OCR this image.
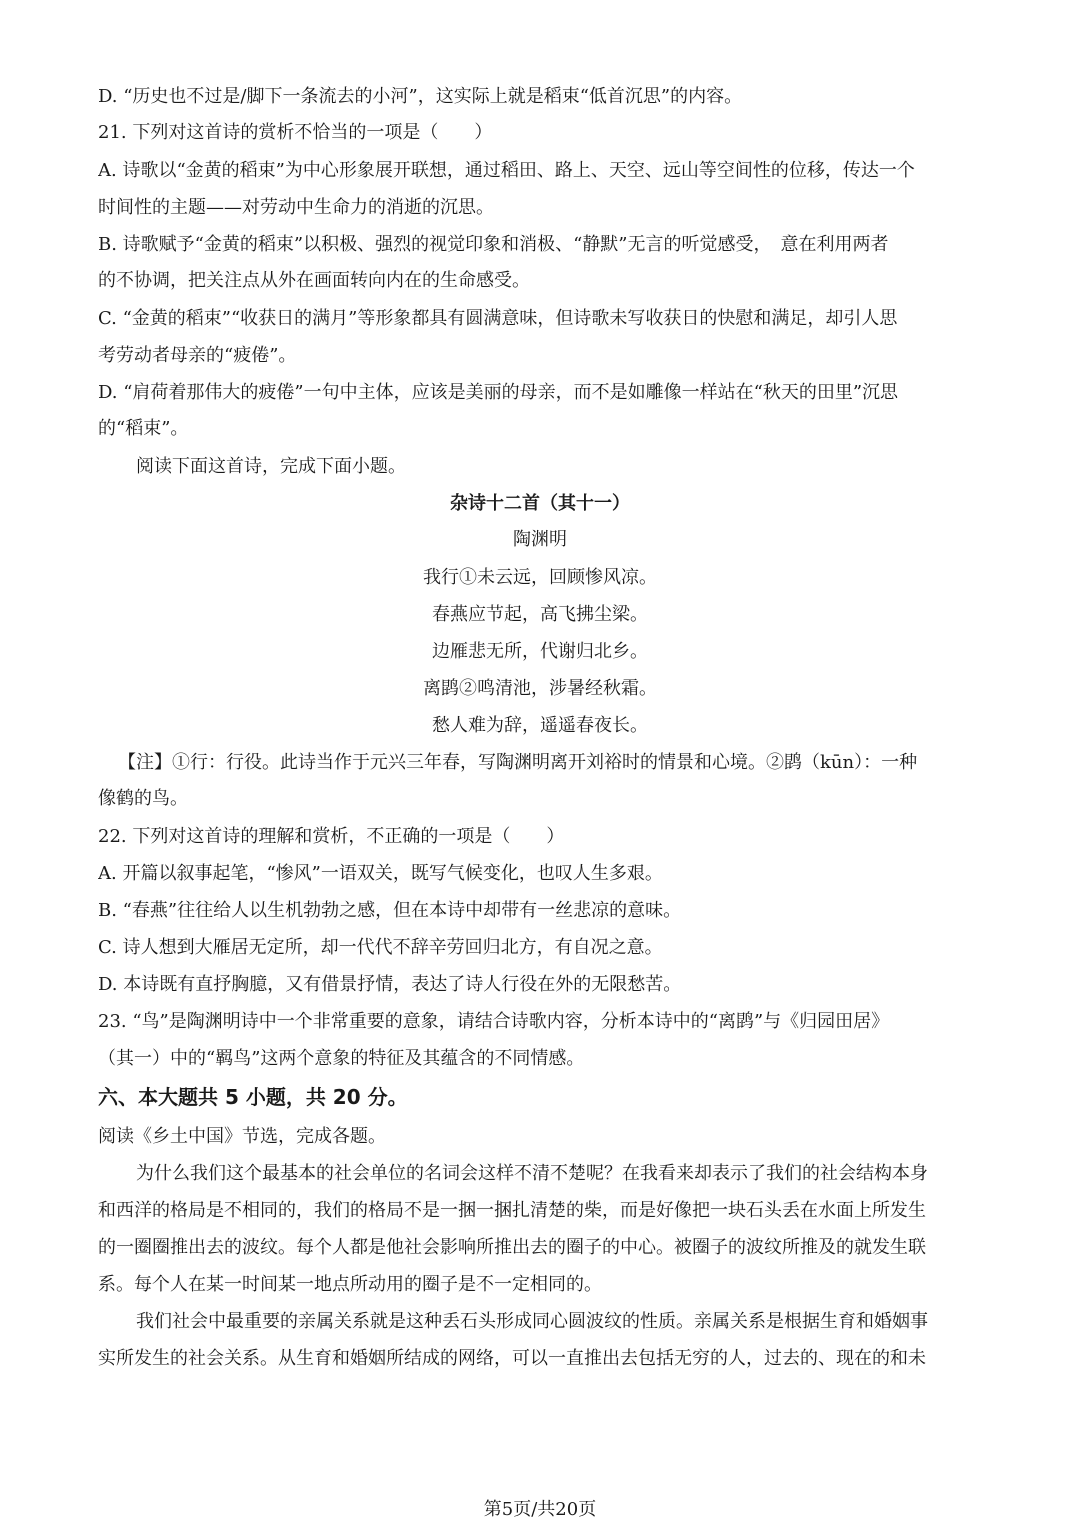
D. “历史也不过是/脚下一条流去的小河”，这实际上就是稻束“低首沉思”的内容。
21. 下列对这首诗的赏析不恰当的一项是（　　）
A. 诗歌以“金黄的稻束”为中心形象展开联想，通过稻田、路上、天空、远山等空间性的位移，传达一个
时间性的主题——对劳动中生命力的消逝的沉思。
B. 诗歌赋予“金黄的稻束”以积极、强烈的视觉印象和消极、“静默”无言的听觉感受，　意在利用两者
的不协调，把关注点从外在画面转向内在的生命感受。
C. “金黄的稻束”“收获日的满月”等形象都具有圆满意味，但诗歌未写收获日的快慰和满足，却引人思
考劳动者母亲的“疲倦”。
D. “肩荷着那伟大的疲倦”一句中主体，应该是美丽的母亲，而不是如雕像一样站在“秋天的田里”沉思
的“稻束”。
阅读下面这首诗，完成下面小题。
杂诗十二首（其十一）
陶渊明
我行①未云远，回顾惨风凉。
春燕应节起，高飞拂尘梁。
边雁悲无所，代谢归北乡。
离鹍②鸣清池，涉暑经秋霜。
愁人难为辞，遥遥春夜长。
【注】①行：行役。此诗当作于元兴三年春，写陶渊明离开刘裕时的情景和心境。②鹍（kūn）：一种
像鹤的鸟。
22. 下列对这首诗的理解和赏析，不正确的一项是（　　）
A. 开篇以叙事起笔，“惨风”一语双关，既写气候变化，也叹人生多艰。
B. “春燕”往往给人以生机勃勃之感，但在本诗中却带有一丝悲凉的意味。
C. 诗人想到大雁居无定所，却一代代不辞辛劳回归北方，有自况之意。
D. 本诗既有直抒胸臆，又有借景抒情，表达了诗人行役在外的无限愁苦。
23. “鸟”是陶渊明诗中一个非常重要的意象，请结合诗歌内容，分析本诗中的“离鹍”与《归园田居》
（其一）中的“羁鸟”这两个意象的特征及其蕴含的不同情感。
六、本大题共 5 小题，共 20 分。
阅读《乡土中国》节选，完成各题。
为什么我们这个最基本的社会单位的名词会这样不清不楚呢？在我看来却表示了我们的社会结构本身
和西洋的格局是不相同的，我们的格局不是一捆一捆扎清楚的柴，而是好像把一块石头丢在水面上所发生
的一圈圈推出去的波纹。每个人都是他社会影响所推出去的圈子的中心。被圈子的波纹所推及的就发生联
系。每个人在某一时间某一地点所动用的圈子是不一定相同的。
我们社会中最重要的亲属关系就是这种丢石头形成同心圆波纹的性质。亲属关系是根据生育和婚姻事
实所发生的社会关系。从生育和婚姻所结成的网络，可以一直推出去包括无穷的人，过去的、现在的和未
第5页/共20页
